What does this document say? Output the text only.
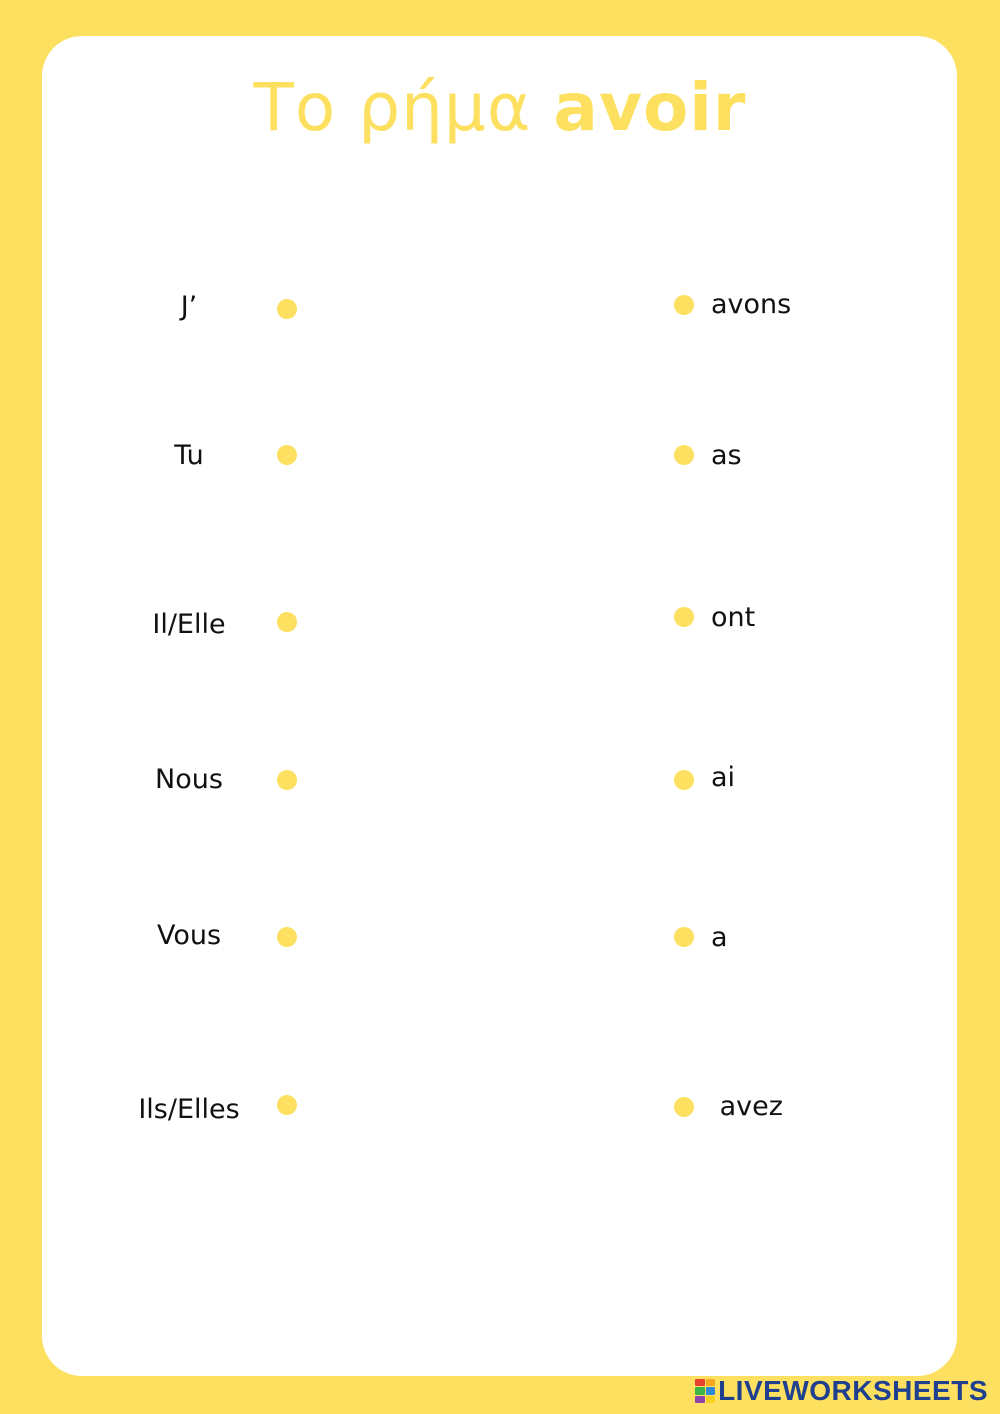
Το ρήμα avoir
J’
Tu
Il/Elle
Nous
Vous
Ils/Elles
avons
as
ont
ai
a
avez
LIVEWORKSHEETS
